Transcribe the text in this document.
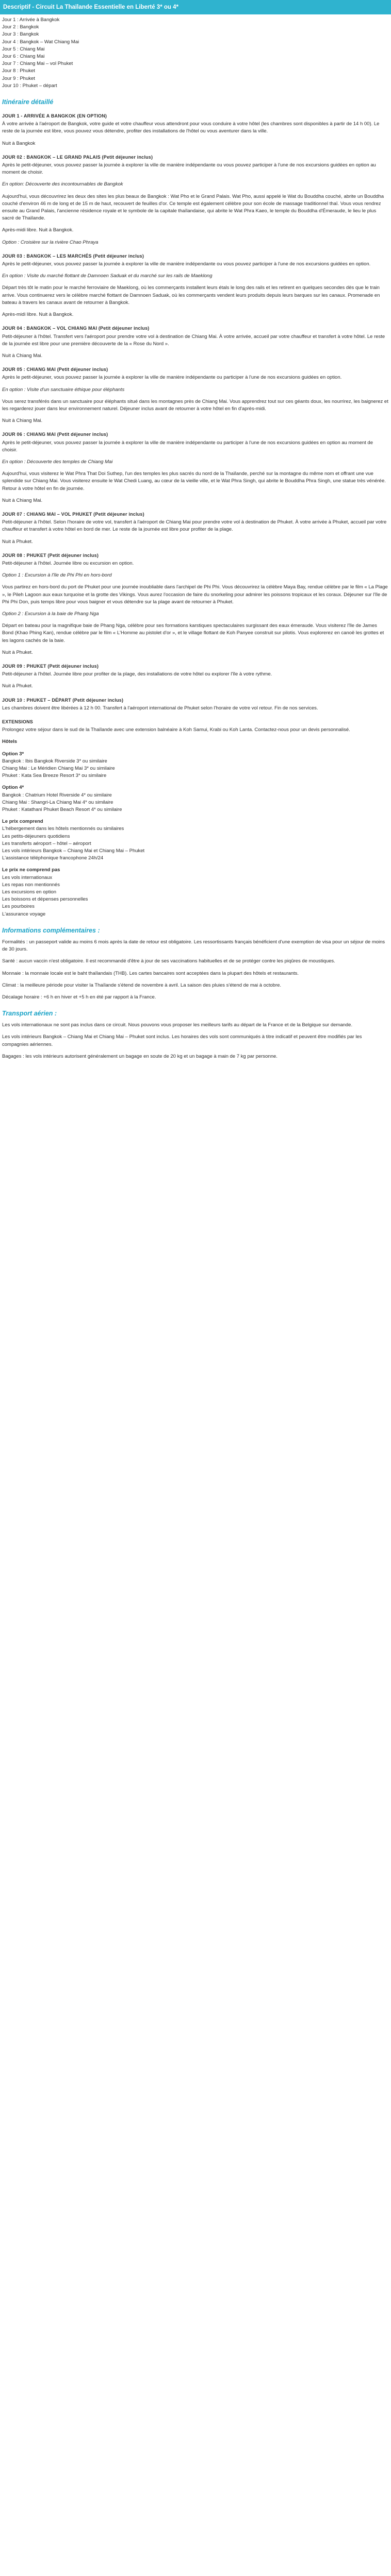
Descriptif - Circuit La Thaïlande Essentielle en Liberté 3* ou 4*

Jour 1 : Arrivée à Bangkok

Jour 2 : Bangkok

Jour 3 : Bangkok

Jour 4 : Bangkok – Wat Chiang Mai

Jour 5 : Chiang Mai

Jour 6 : Chiang Mai

Jour 7 : Chiang Mai – vol Phuket

Jour 8 : Phuket

Jour 9 : Phuket

Jour 10 : Phuket – départ

Itinéraire détaillé
JOUR 1 - ARRIVÉE A BANGKOK (EN OPTION)

À votre arrivée à l'aéroport de Bangkok, votre guide et votre chauffeur vous attendront pour vous conduire à votre hôtel (les chambres sont disponibles à partir de 14 h 00). Le reste de la journée est libre, vous pouvez vous détendre, profiter des installations de l'hôtel ou vous aventurer dans la ville.

Nuit à Bangkok

JOUR 02 : BANGKOK – LE GRAND PALAIS (Petit déjeuner inclus)

Après le petit-déjeuner, vous pouvez passer la journée à explorer la ville de manière indépendante ou vous pouvez participer à l'une de nos excursions guidées en option au moment de choisir.

En option: Découverte des incontournables de Bangkok

Aujourd'hui, vous découvrirez les deux des sites les plus beaux de Bangkok : Wat Pho et le Grand Palais. Wat Pho, aussi appelé le Wat du Bouddha couché, abrite un Bouddha couché d'environ 46 m de long et de 15 m de haut, recouvert de feuilles d'or. Ce temple est également célèbre pour son école de massage traditionnel thaï. Vous vous rendrez ensuite au Grand Palais, l'ancienne résidence royale et le symbole de la capitale thaïlandaise, qui abrite le Wat Phra Kaeo, le temple du Bouddha d'Émeraude, le lieu le plus sacré de Thaïlande.

Après-midi libre. Nuit à Bangkok.

Option : Croisière sur la rivière Chao Phraya

JOUR 03 : BANGKOK – LES MARCHÉS (Petit déjeuner inclus)

Après le petit-déjeuner, vous pouvez passer la journée à explorer la ville de manière indépendante ou vous pouvez participer à l'une de nos excursions guidées en option.

En option : Visite du marché flottant de Damnoen Saduak et du marché sur les rails de Maeklong

Départ très tôt le matin pour le marché ferroviaire de Maeklong, où les commerçants installent leurs étals le long des rails et les retirent en quelques secondes dès que le train arrive. Vous continuerez vers le célèbre marché flottant de Damnoen Saduak, où les commerçants vendent leurs produits depuis leurs barques sur les canaux. Promenade en bateau à travers les canaux avant de retourner à Bangkok.

Après-midi libre. Nuit à Bangkok.

JOUR 04 : BANGKOK – VOL CHIANG MAI (Petit déjeuner inclus)

Petit-déjeuner à l'hôtel. Transfert vers l'aéroport pour prendre votre vol à destination de Chiang Mai. À votre arrivée, accueil par votre chauffeur et transfert à votre hôtel. Le reste de la journée est libre pour une première découverte de la « Rose du Nord ».

Nuit à Chiang Mai.

JOUR 05 : CHIANG MAI (Petit déjeuner inclus)

Après le petit-déjeuner, vous pouvez passer la journée à explorer la ville de manière indépendante ou participer à l'une de nos excursions guidées en option.

En option : Visite d'un sanctuaire éthique pour éléphants

Vous serez transférés dans un sanctuaire pour éléphants situé dans les montagnes près de Chiang Mai. Vous apprendrez tout sur ces géants doux, les nourrirez, les baignerez et les regarderez jouer dans leur environnement naturel. Déjeuner inclus avant de retourner à votre hôtel en fin d'après-midi.

Nuit à Chiang Mai.

JOUR 06 : CHIANG MAI (Petit déjeuner inclus)

Après le petit-déjeuner, vous pouvez passer la journée à explorer la ville de manière indépendante ou participer à l'une de nos excursions guidées en option au moment de choisir.

En option : Découverte des temples de Chiang Mai

Aujourd'hui, vous visiterez le Wat Phra That Doi Suthep, l'un des temples les plus sacrés du nord de la Thaïlande, perché sur la montagne du même nom et offrant une vue splendide sur Chiang Mai. Vous visiterez ensuite le Wat Chedi Luang, au cœur de la vieille ville, et le Wat Phra Singh, qui abrite le Bouddha Phra Singh, une statue très vénérée. Retour à votre hôtel en fin de journée.

Nuit à Chiang Mai.

JOUR 07 : CHIANG MAI – VOL PHUKET (Petit déjeuner inclus)

Petit-déjeuner à l'hôtel. Selon l'horaire de votre vol, transfert à l'aéroport de Chiang Mai pour prendre votre vol à destination de Phuket. À votre arrivée à Phuket, accueil par votre chauffeur et transfert à votre hôtel en bord de mer. Le reste de la journée est libre pour profiter de la plage.

Nuit à Phuket.

JOUR 08 : PHUKET (Petit déjeuner inclus)

Petit-déjeuner à l'hôtel. Journée libre ou excursion en option.

Option 1 : Excursion à l'île de Phi Phi en hors-bord

Vous partirez en hors-bord du port de Phuket pour une journée inoubliable dans l'archipel de Phi Phi. Vous découvrirez la célèbre Maya Bay, rendue célèbre par le film « La Plage », le Pileh Lagoon aux eaux turquoise et la grotte des Vikings. Vous aurez l'occasion de faire du snorkeling pour admirer les poissons tropicaux et les coraux. Déjeuner sur l'île de Phi Phi Don, puis temps libre pour vous baigner et vous détendre sur la plage avant de retourner à Phuket.

Option 2 : Excursion à la baie de Phang Nga

Départ en bateau pour la magnifique baie de Phang Nga, célèbre pour ses formations karstiques spectaculaires surgissant des eaux émeraude. Vous visiterez l'île de James Bond (Khao Phing Kan), rendue célèbre par le film « L'Homme au pistolet d'or », et le village flottant de Koh Panyee construit sur pilotis. Vous explorerez en canoë les grottes et les lagons cachés de la baie.

Nuit à Phuket.

JOUR 09 : PHUKET (Petit déjeuner inclus)

Petit-déjeuner à l'hôtel. Journée libre pour profiter de la plage, des installations de votre hôtel ou explorer l'île à votre rythme.

Nuit à Phuket.

JOUR 10 : PHUKET – DÉPART (Petit déjeuner inclus)

Les chambres doivent être libérées à 12 h 00. Transfert à l'aéroport international de Phuket selon l'horaire de votre vol retour. Fin de nos services.

EXTENSIONS

Prolongez votre séjour dans le sud de la Thaïlande avec une extension balnéaire à Koh Samui, Krabi ou Koh Lanta. Contactez-nous pour un devis personnalisé.

Hôtels

Option 3*

Bangkok : Ibis Bangkok Riverside 3* ou similaire

Chiang Mai : Le Méridien Chiang Mai 3* ou similaire

Phuket : Kata Sea Breeze Resort 3* ou similaire

Option 4*

Bangkok : Chatrium Hotel Riverside 4* ou similaire

Chiang Mai : Shangri-La Chiang Mai 4* ou similaire

Phuket : Katathani Phuket Beach Resort 4* ou similaire

Le prix comprend

L'hébergement dans les hôtels mentionnés ou similaires

Les petits-déjeuners quotidiens

Les transferts aéroport – hôtel – aéroport

Les vols intérieurs Bangkok – Chiang Mai et Chiang Mai – Phuket

L'assistance téléphonique francophone 24h/24

Le prix ne comprend pas

Les vols internationaux

Les repas non mentionnés

Les excursions en option

Les boissons et dépenses personnelles

Les pourboires

L'assurance voyage

Informations complémentaires :

Formalités : un passeport valide au moins 6 mois après la date de retour est obligatoire. Les ressortissants français bénéficient d'une exemption de visa pour un séjour de moins de 30 jours.

Santé : aucun vaccin n'est obligatoire. Il est recommandé d'être à jour de ses vaccinations habituelles et de se protéger contre les piqûres de moustiques.

Monnaie : la monnaie locale est le baht thaïlandais (THB). Les cartes bancaires sont acceptées dans la plupart des hôtels et restaurants.

Climat : la meilleure période pour visiter la Thaïlande s'étend de novembre à avril. La saison des pluies s'étend de mai à octobre.

Décalage horaire : +6 h en hiver et +5 h en été par rapport à la France.

Transport aérien :

Les vols internationaux ne sont pas inclus dans ce circuit. Nous pouvons vous proposer les meilleurs tarifs au départ de la France et de la Belgique sur demande.

Les vols intérieurs Bangkok – Chiang Mai et Chiang Mai – Phuket sont inclus. Les horaires des vols sont communiqués à titre indicatif et peuvent être modifiés par les compagnies aériennes.

Bagages : les vols intérieurs autorisent généralement un bagage en soute de 20 kg et un bagage à main de 7 kg par personne.
